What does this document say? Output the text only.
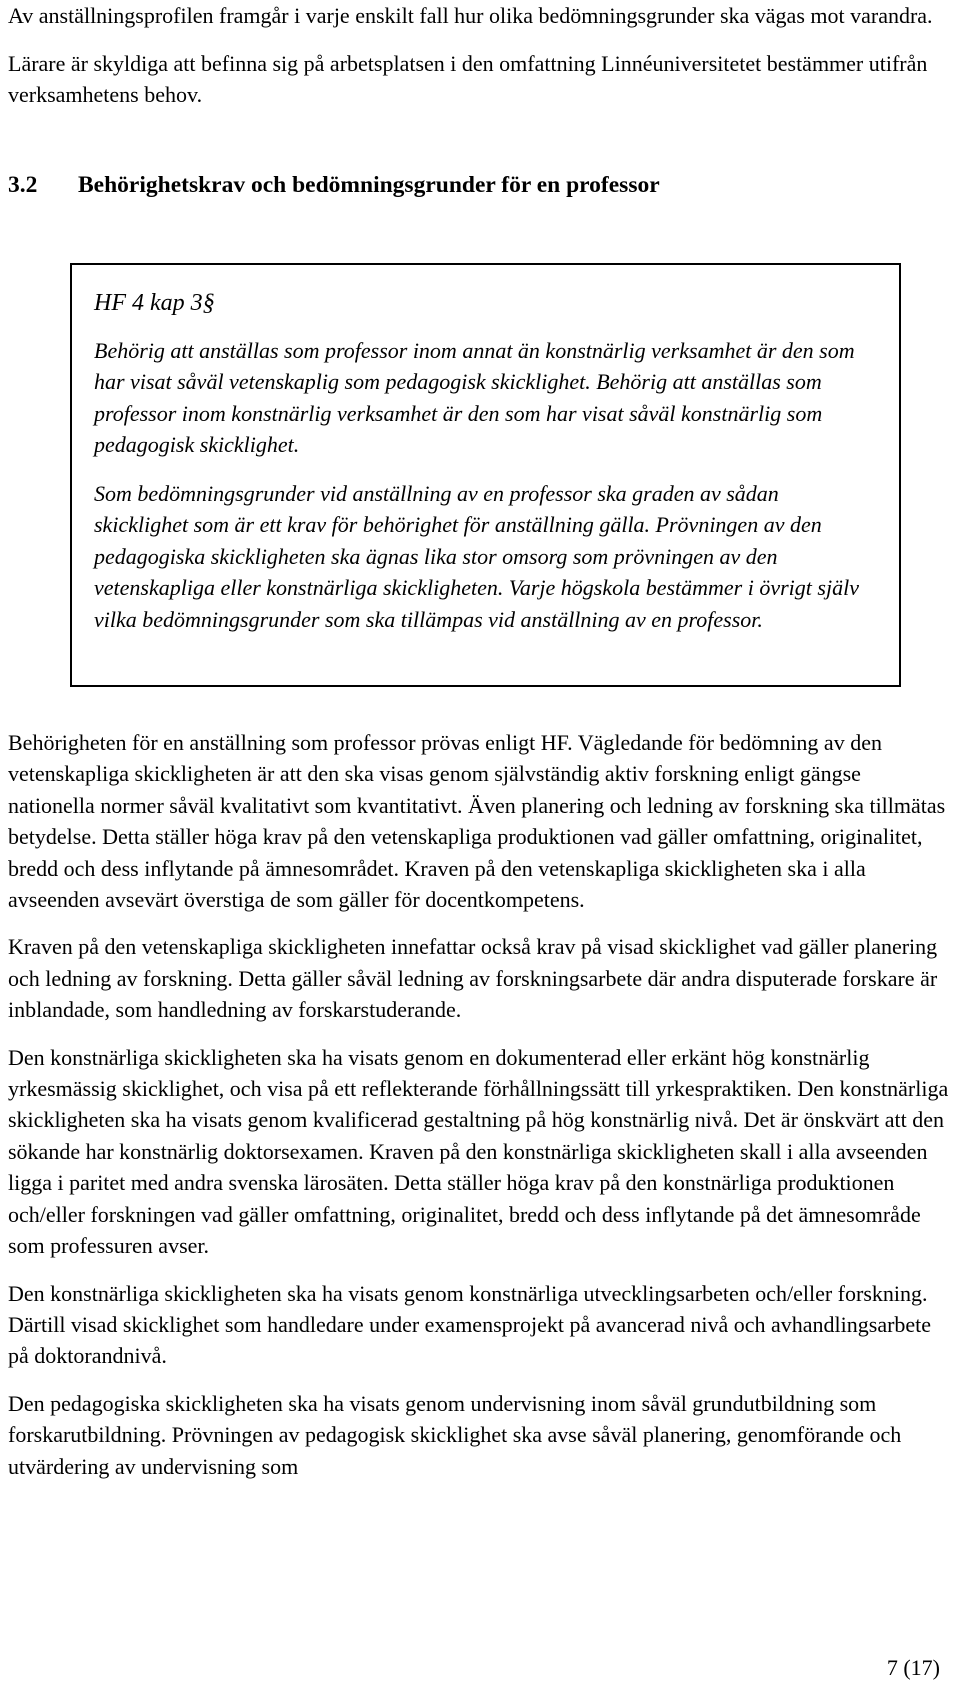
Av anställningsprofilen framgår i varje enskilt fall hur olika bedömningsgrunder ska vägas mot varandra.

Lärare är skyldiga att befinna sig på arbetsplatsen i den omfattning Linnéuniversitetet bestämmer utifrån verksamhetens behov.

3.2 Behörighetskrav och bedömningsgrunder för en professor

HF 4 kap 3§

Behörig att anställas som professor inom annat än konstnärlig verksamhet är den som har visat såväl vetenskaplig som pedagogisk skicklighet. Behörig att anställas som professor inom konstnärlig verksamhet är den som har visat såväl konstnärlig som pedagogisk skicklighet.

Som bedömningsgrunder vid anställning av en professor ska graden av sådan skicklighet som är ett krav för behörighet för anställning gälla. Prövningen av den pedagogiska skickligheten ska ägnas lika stor omsorg som prövningen av den vetenskapliga eller konstnärliga skickligheten. Varje högskola bestämmer i övrigt själv vilka bedömningsgrunder som ska tillämpas vid anställning av en professor.

Behörigheten för en anställning som professor prövas enligt HF. Vägledande för bedömning av den vetenskapliga skickligheten är att den ska visas genom självständig aktiv forskning enligt gängse nationella normer såväl kvalitativt som kvantitativt. Även planering och ledning av forskning ska tillmätas betydelse. Detta ställer höga krav på den vetenskapliga produktionen vad gäller omfattning, originalitet, bredd och dess inflytande på ämnesområdet. Kraven på den vetenskapliga skickligheten ska i alla avseenden avsevärt överstiga de som gäller för docentkompetens.

Kraven på den vetenskapliga skickligheten innefattar också krav på visad skicklighet vad gäller planering och ledning av forskning. Detta gäller såväl ledning av forskningsarbete där andra disputerade forskare är inblandade, som handledning av forskarstuderande.

Den konstnärliga skickligheten ska ha visats genom en dokumenterad eller erkänt hög konstnärlig yrkesmässig skicklighet, och visa på ett reflekterande förhållningssätt till yrkespraktiken. Den konstnärliga skickligheten ska ha visats genom kvalificerad gestaltning på hög konstnärlig nivå. Det är önskvärt att den sökande har konstnärlig doktorsexamen. Kraven på den konstnärliga skickligheten skall i alla avseenden ligga i paritet med andra svenska lärosäten. Detta ställer höga krav på den konstnärliga produktionen och/eller forskningen vad gäller omfattning, originalitet, bredd och dess inflytande på det ämnesområde som professuren avser.

Den konstnärliga skickligheten ska ha visats genom konstnärliga utvecklingsarbeten och/eller forskning. Därtill visad skicklighet som handledare under examensprojekt på avancerad nivå och avhandlingsarbete på doktorandnivå.

Den pedagogiska skickligheten ska ha visats genom undervisning inom såväl grundutbildning som forskarutbildning. Prövningen av pedagogisk skicklighet ska avse såväl planering, genomförande och utvärdering av undervisning som

7 (17)
